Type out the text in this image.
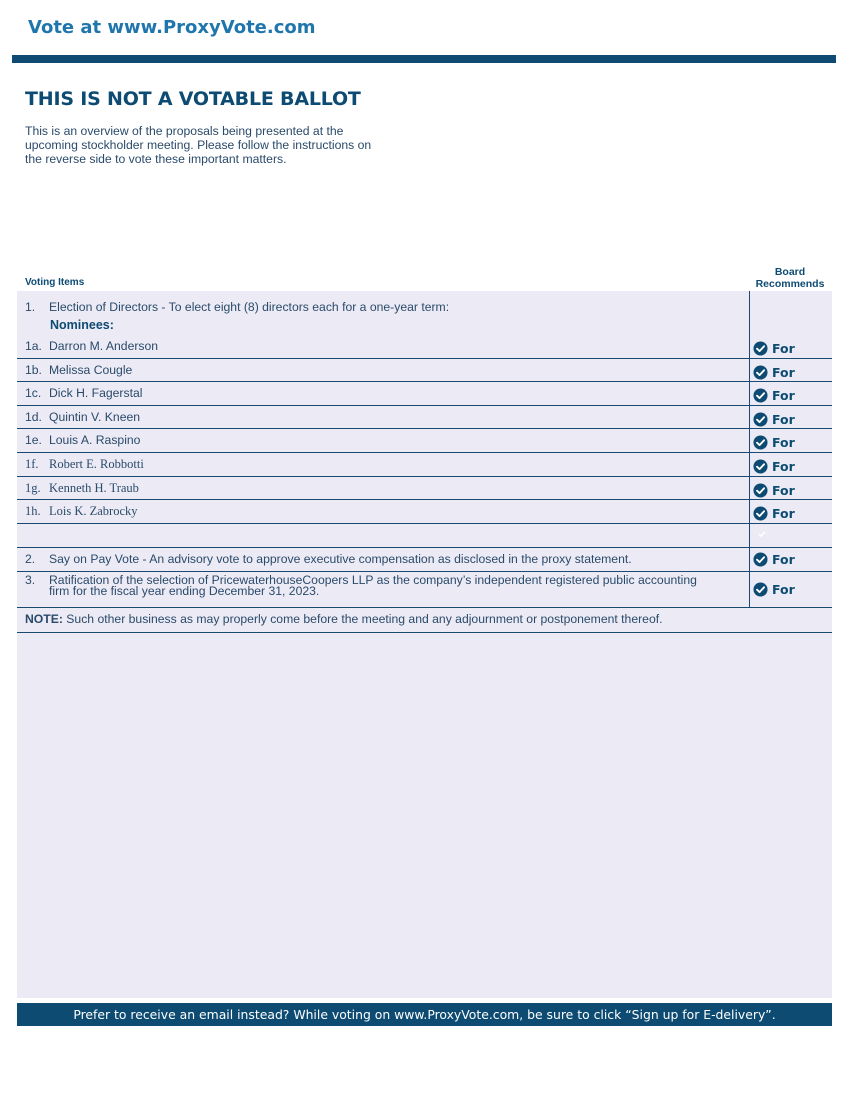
Vote at www.ProxyVote.com
THIS IS NOT A VOTABLE BALLOT
This is an overview of the proposals being presented at the
upcoming stockholder meeting. Please follow the instructions on
the reverse side to vote these important matters.
Voting Items
Board
Recommends
1. Election of Directors - To elect eight (8) directors each for a one-year term:
Nominees:
1a. Darron M. Anderson	For
1b. Melissa Cougle	For
1c. Dick H. Fagerstal	For
1d. Quintin V. Kneen	For
1e. Louis A. Raspino	For
1f. Robert E. Robbotti	For
1g. Kenneth H. Traub	For
1h. Lois K. Zabrocky	For
2. Say on Pay Vote - An advisory vote to approve executive compensation as disclosed in the proxy statement.	For
3. Ratification of the selection of PricewaterhouseCoopers LLP as the company’s independent registered public accounting
firm for the fiscal year ending December 31, 2023.	For
NOTE: Such other business as may properly come before the meeting and any adjournment or postponement thereof.
Prefer to receive an email instead? While voting on www.ProxyVote.com, be sure to click “Sign up for E-delivery”.
